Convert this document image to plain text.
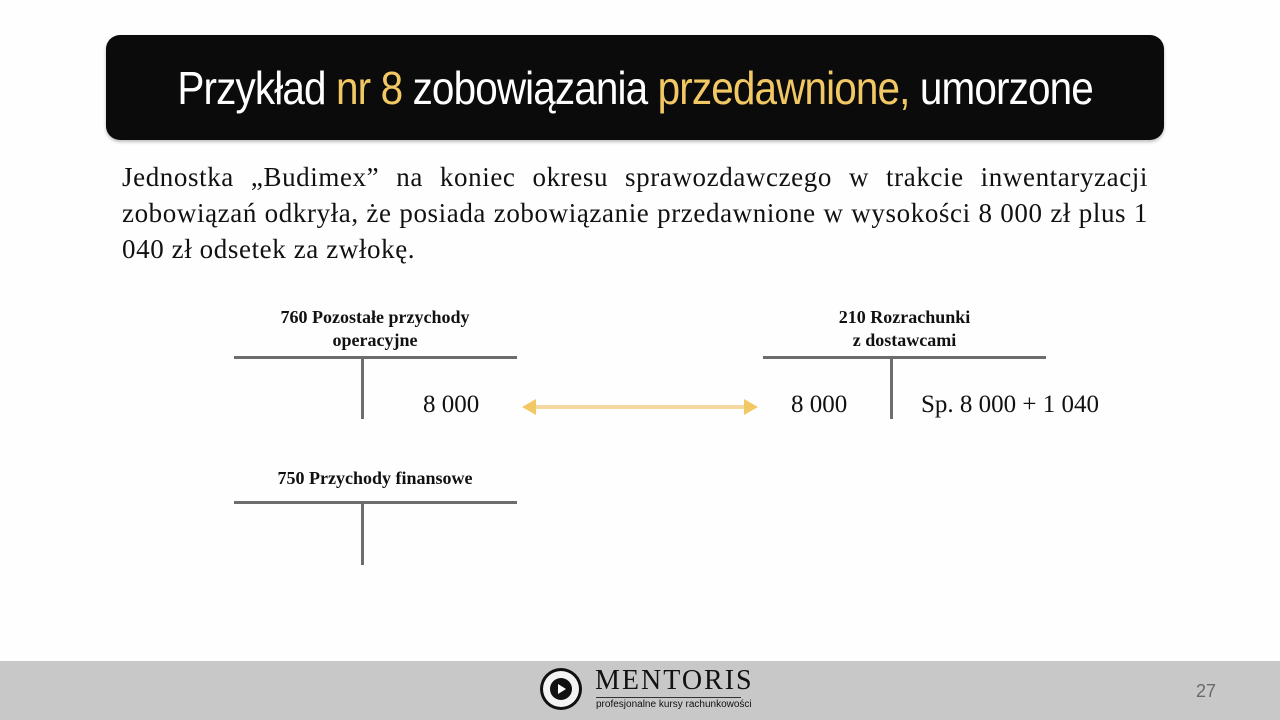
Przykład nr 8 zobowiązania przedawnione, umorzone

Jednostka „Budimex” na koniec okresu sprawozdawczego w trakcie inwentaryzacji zobowiązań odkryła, że posiada zobowiązanie przedawnione w wysokości 8 000 zł plus 1 040 zł odsetek za zwłokę.

760 Pozostałe przychody
operacyjne
8 000
210 Rozrachunki
z dostawcami
8 000	Sp. 8 000 + 1 040
750 Przychody finansowe
MENTORIS
profesjonalne kursy rachunkowości
27
